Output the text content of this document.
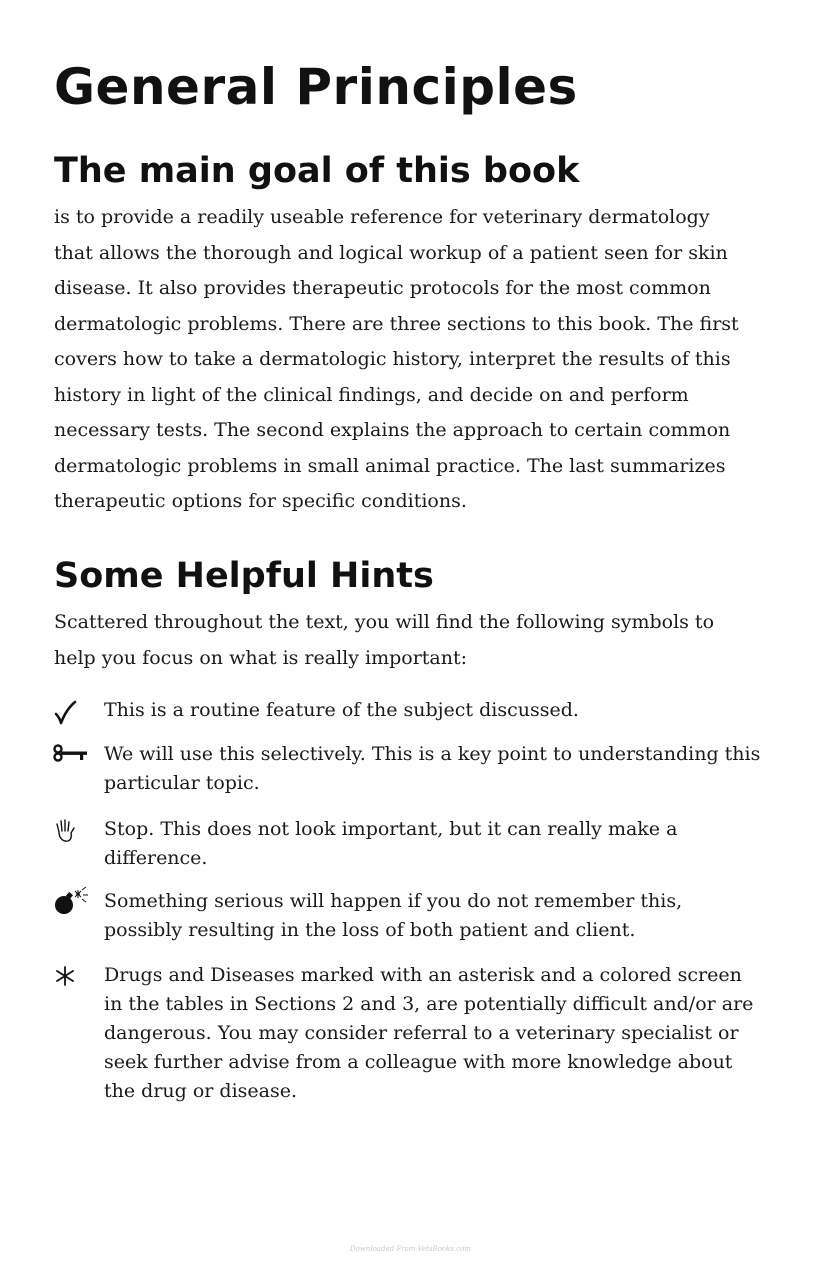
General Principles
The main goal of this book

is to provide a readily useable reference for veterinary dermatology that allows the thorough and logical workup of a patient seen for skin disease. It also provides therapeutic protocols for the most common dermatologic problems. There are three sections to this book. The first covers how to take a dermatologic history, interpret the results of this history in light of the clinical findings, and decide on and perform necessary tests. The second explains the approach to certain common dermatologic problems in small animal practice. The last summarizes therapeutic options for specific conditions.

Some Helpful Hints

Scattered throughout the text, you will find the following symbols to help you focus on what is really important:

This is a routine feature of the subject discussed.

We will use this selectively. This is a key point to understanding this particular topic.

Stop. This does not look important, but it can really make a difference.

Something serious will happen if you do not remember this, possibly resulting in the loss of both patient and client.

Drugs and Diseases marked with an asterisk and a colored screen in the tables in Sections 2 and 3, are potentially difficult and/or are dangerous. You may consider referral to a veterinary specialist or seek further advise from a colleague with more knowledge about the drug or disease.

Downloaded From VetsBooks.com
